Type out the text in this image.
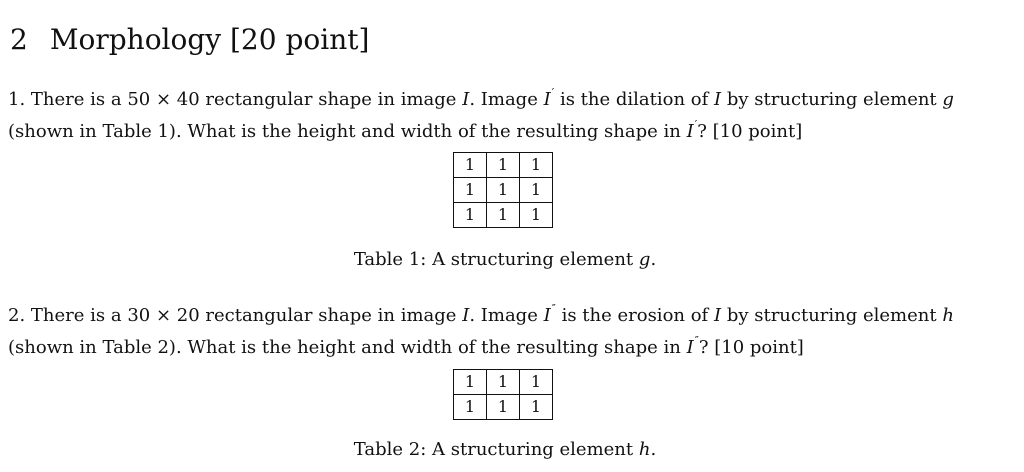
2 Morphology [20 point]
1. There is a 50 × 40 rectangular shape in image I. Image I′ is the dilation of I by structuring element g (shown in Table 1). What is the height and width of the resulting shape in I′? [10 point]
1	1	1
1	1	1
1	1	1
Table 1: A structuring element g.
2. There is a 30 × 20 rectangular shape in image I. Image I″ is the erosion of I by structuring element h (shown in Table 2). What is the height and width of the resulting shape in I″? [10 point]
1	1	1
1	1	1
Table 2: A structuring element h.
